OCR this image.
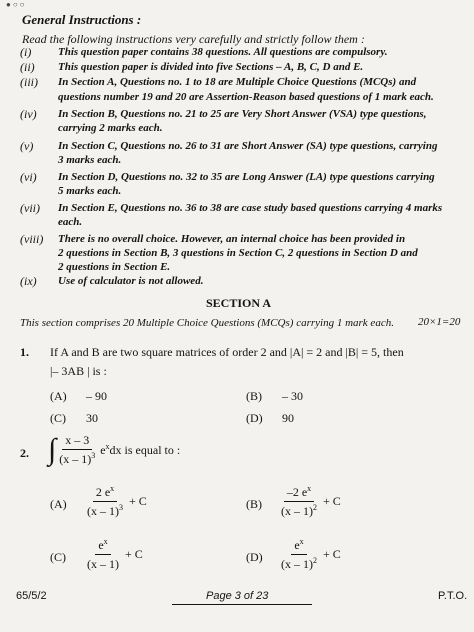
● ○ ○
General Instructions :
Read the following instructions very carefully and strictly follow them :
(i) This question paper contains 38 questions. All questions are compulsory.
(ii) This question paper is divided into five Sections – A, B, C, D and E.
(iii) In Section A, Questions no. 1 to 18 are Multiple Choice Questions (MCQs) and
questions number 19 and 20 are Assertion-Reason based questions of 1 mark each.
(iv) In Section B, Questions no. 21 to 25 are Very Short Answer (VSA) type questions,
carrying 2 marks each.
(v) In Section C, Questions no. 26 to 31 are Short Answer (SA) type questions, carrying
3 marks each.
(vi) In Section D, Questions no. 32 to 35 are Long Answer (LA) type questions carrying
5 marks each.
(vii) In Section E, Questions no. 36 to 38 are case study based questions carrying 4 marks
each.
(viii) There is no overall choice. However, an internal choice has been provided in
2 questions in Section B, 3 questions in Section C, 2 questions in Section D and
2 questions in Section E.
(ix) Use of calculator is not allowed.
SECTION A
This section comprises 20 Multiple Choice Questions (MCQs) carrying 1 mark each. 20×1=20
1. If A and B are two square matrices of order 2 and |A| = 2 and |B| = 5, then
|– 3AB | is :
(A) – 90	(B) – 30
(C) 30	(D) 90
2. ∫ $\frac{x - 3}{(x - 1)^3} e^x$ dx is equal to :
$(A) \frac{2 e^x}{(x - 1)^3} + C$	$(B) \frac{-2 e^x}{(x - 1)^2} + C$
$(C) \frac{e^x}{(x - 1)} + C$	$(D) \frac{e^x}{(x - 1)^2} + C$
65/5/2	Page 3 of 23	P.T.O.
